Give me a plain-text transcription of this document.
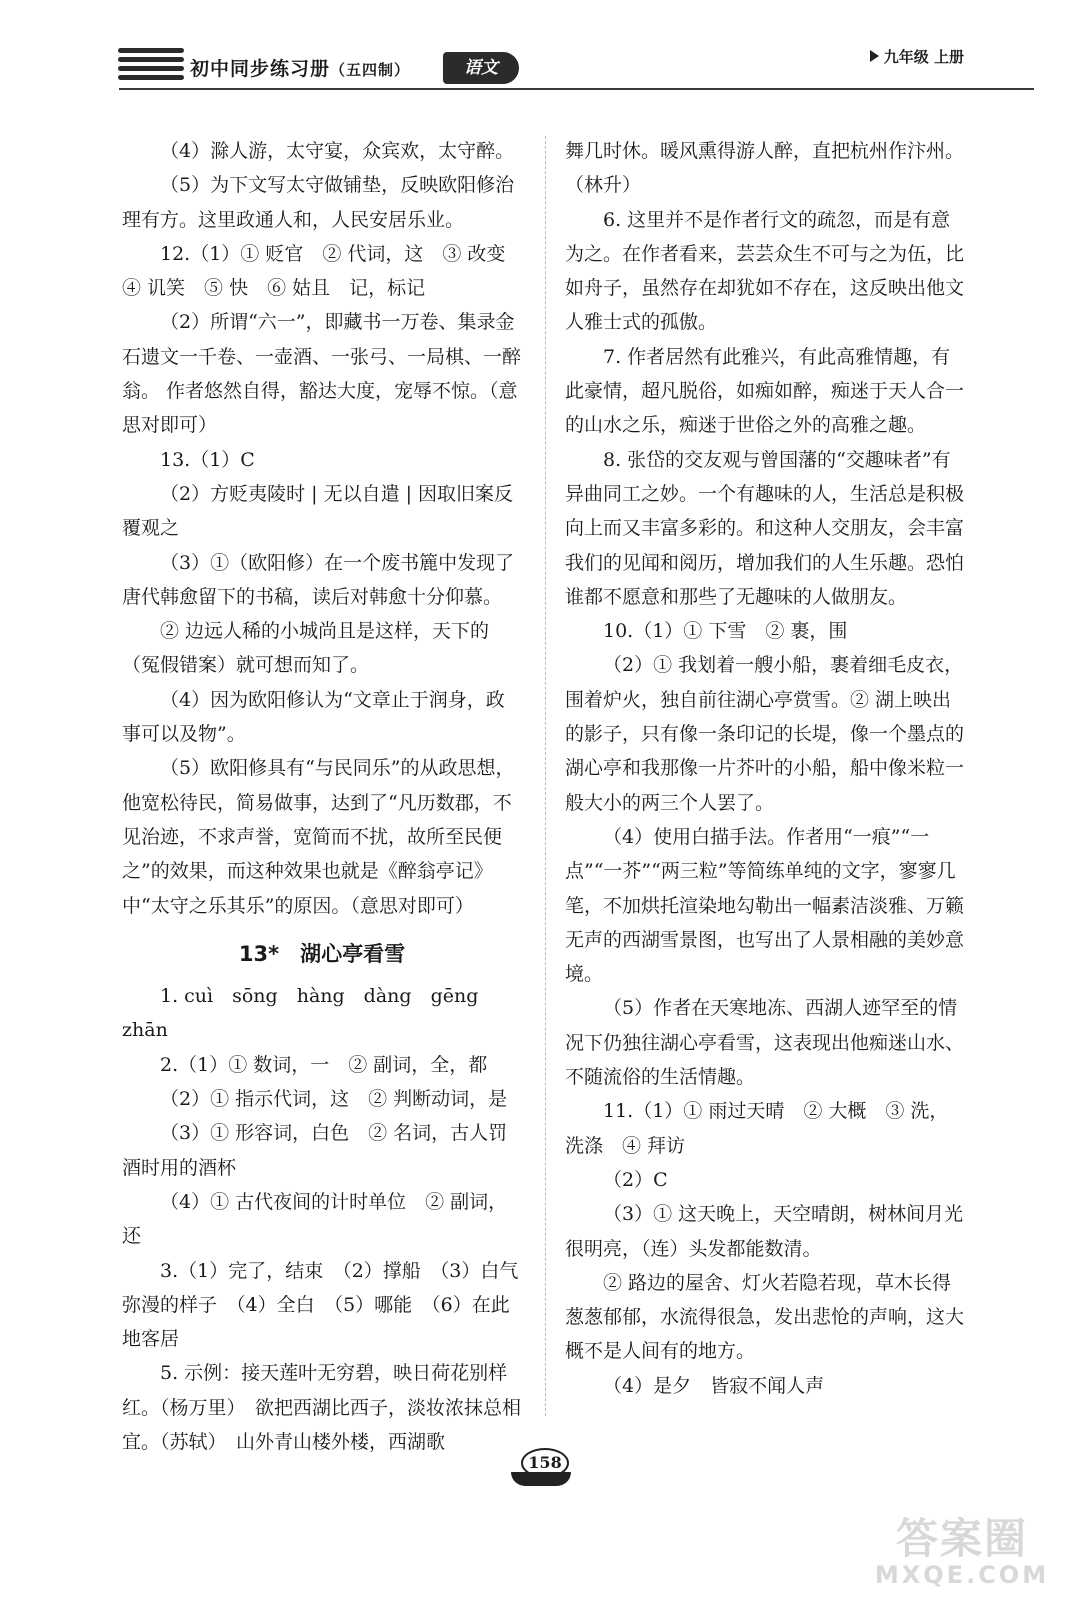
初中同步练习册（五四制）	语文
九年级 上册

（4）滁人游，太守宴，众宾欢，太守醉。

（5）为下文写太守做铺垫，反映欧阳修治理有方。这里政通人和，人民安居乐业。

12.（1）① 贬官　② 代词，这　③ 改变　④ 讥笑　⑤ 快　⑥ 姑且　记，标记

（2）所谓“六一”，即藏书一万卷、集录金石遗文一千卷、一壶酒、一张弓、一局棋、一醉翁。 作者悠然自得，豁达大度，宠辱不惊。（意思对即可）

13.（1）C

（2）方贬夷陵时 | 无以自遣 | 因取旧案反覆观之

（3）①（欧阳修）在一个废书簏中发现了唐代韩愈留下的书稿，读后对韩愈十分仰慕。

② 边远人稀的小城尚且是这样，天下的（冤假错案）就可想而知了。

（4）因为欧阳修认为“文章止于润身，政事可以及物”。

（5）欧阳修具有“与民同乐”的从政思想，他宽松待民，简易做事，达到了“凡历数郡，不见治迹，不求声誉，宽简而不扰，故所至民便之”的效果，而这种效果也就是《醉翁亭记》中“太守之乐其乐”的原因。（意思对即可）

13*　湖心亭看雪

1. cuì　sōng　hàng　dàng　gēng　zhān

2.（1）① 数词，一　② 副词，全，都

（2）① 指示代词，这　② 判断动词，是

（3）① 形容词，白色　② 名词，古人罚酒时用的酒杯

（4）① 古代夜间的计时单位　② 副词，还

3.（1）完了，结束　（2）撑船　（3）白气弥漫的样子　（4）全白　（5）哪能　（6）在此地客居

5. 示例：接天莲叶无穷碧，映日荷花别样红。（杨万里）　欲把西湖比西子，淡妆浓抹总相宜。（苏轼）　山外青山楼外楼，西湖歌

舞几时休。暖风熏得游人醉，直把杭州作汴州。（林升）

6. 这里并不是作者行文的疏忽，而是有意为之。在作者看来，芸芸众生不可与之为伍，比如舟子，虽然存在却犹如不存在，这反映出他文人雅士式的孤傲。

7. 作者居然有此雅兴，有此高雅情趣，有此豪情，超凡脱俗，如痴如醉，痴迷于天人合一的山水之乐，痴迷于世俗之外的高雅之趣。

8. 张岱的交友观与曾国藩的“交趣味者”有异曲同工之妙。一个有趣味的人，生活总是积极向上而又丰富多彩的。和这种人交朋友，会丰富我们的见闻和阅历，增加我们的人生乐趣。恐怕谁都不愿意和那些了无趣味的人做朋友。

10.（1）① 下雪　② 裹，围

（2）① 我划着一艘小船，裹着细毛皮衣，围着炉火，独自前往湖心亭赏雪。② 湖上映出的影子，只有像一条印记的长堤，像一个墨点的湖心亭和我那像一片芥叶的小船，船中像米粒一般大小的两三个人罢了。

（4）使用白描手法。作者用“一痕”“一点”“一芥”“两三粒”等简练单纯的文字，寥寥几笔，不加烘托渲染地勾勒出一幅素洁淡雅、万籁无声的西湖雪景图，也写出了人景相融的美妙意境。

（5）作者在天寒地冻、西湖人迹罕至的情况下仍独往湖心亭看雪，这表现出他痴迷山水、不随流俗的生活情趣。

11.（1）① 雨过天晴　② 大概　③ 洗，洗涤　④ 拜访

（2）C

（3）① 这天晚上，天空晴朗，树林间月光很明亮，（连）头发都能数清。

② 路边的屋舍、灯火若隐若现，草木长得葱葱郁郁，水流得很急，发出悲怆的声响，这大概不是人间有的地方。

（4）是夕　皆寂不闻人声

158
答案圈
MXQE.COM
